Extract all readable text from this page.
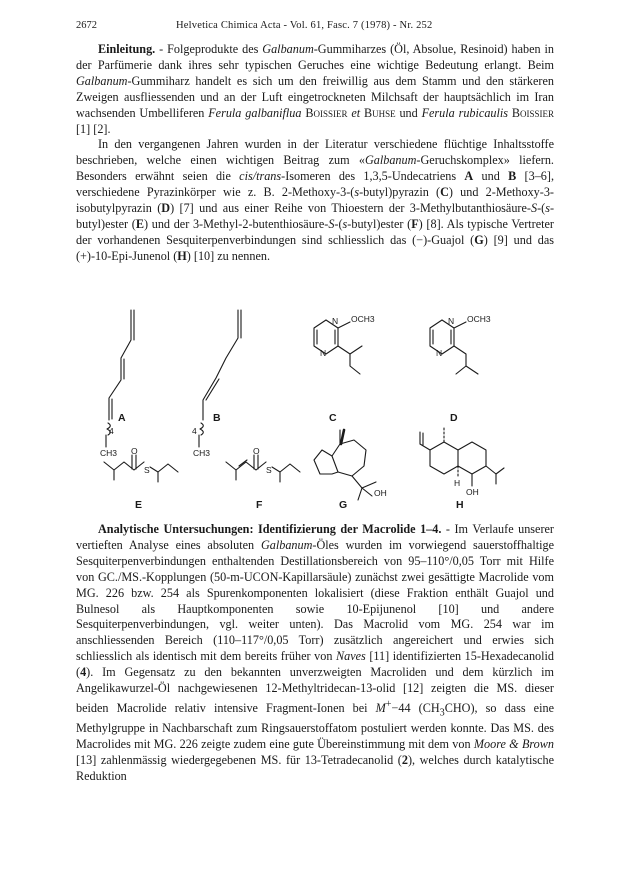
2672	Helvetica Chimica Acta - Vol. 61, Fasc. 7 (1978) - Nr. 252

Einleitung. - Folgeprodukte des Galbanum-Gummiharzes (Öl, Absolue, Resinoid) haben in der Parfümerie dank ihres sehr typischen Geruches eine wichtige Bedeutung erlangt. Beim Galbanum-Gummiharz handelt es sich um den freiwillig aus dem Stamm und den stärkeren Zweigen ausfliessenden und an der Luft eingetrockneten Milchsaft der hauptsächlich im Iran wachsenden Umbelliferen Ferula galbaniflua Boissier et Buhse und Ferula rubicaulis Boissier [1] [2].

In den vergangenen Jahren wurden in der Literatur verschiedene flüchtige Inhaltsstoffe beschrieben, welche einen wichtigen Beitrag zum «Galbanum-Geruchskomplex» liefern. Besonders erwähnt seien die cis/trans-Isomeren des 1,3,5-Undecatriens A und B [3–6], verschiedene Pyrazinkörper wie z. B. 2-Methoxy-3-(s-butyl)pyrazin (C) und 2-Methoxy-3-isobutylpyrazin (D) [7] und aus einer Reihe von Thioestern der 3-Methylbutanthiosäure-S-(s-butyl)ester (E) und der 3-Methyl-2-butenthiosäure-S-(s-butyl)ester (F) [8]. Als typische Vertreter der vorhandenen Sesquiterpenverbindungen sind schliesslich das (−)-Guajol (G) [9] und das (+)-10-Epi-Junenol (H) [10] zu nennen.

4
CH3
4
CH3
N
N
OCH3	N
N
OCH3
O
S
O
S
OH
H
OH
A	B	C	D
E	F	G	H

Analytische Untersuchungen: Identifizierung der Macrolide 1–4. - Im Verlaufe unserer vertieften Analyse eines absoluten Galbanum-Öles wurden im vorwiegend sauerstoffhaltige Sesquiterpenverbindungen enthaltenden Destillationsbereich von 95–110°/0,05 Torr mit Hilfe von GC./MS.-Kopplungen (50-m-UCON-Kapillarsäule) zunächst zwei gesättigte Macrolide vom MG. 226 bzw. 254 als Spurenkomponenten lokalisiert (diese Fraktion enthält Guajol und Bulnesol als Hauptkomponenten sowie 10-Epijunenol [10] und andere Sesquiterpenverbindungen, vgl. weiter unten). Das Macrolid vom MG. 254 war im anschliessenden Bereich (110–117°/0,05 Torr) zusätzlich angereichert und erwies sich schliesslich als identisch mit dem bereits früher von Naves [11] identifizierten 15-Hexadecanolid (4). Im Gegensatz zu den bekannten unverzweigten Macroliden und dem kürzlich im Angelikawurzel-Öl nachgewiesenen 12-Methyltridecan-13-olid [12] zeigten die MS. dieser beiden Macrolide relativ intensive Fragment-Ionen bei M+−44 $(CH_3CHO)$, so dass eine Methylgruppe in Nachbarschaft zum Ringsauerstoffatom postuliert werden konnte. Das MS. des Macrolides mit MG. 226 zeigte zudem eine gute Übereinstimmung mit dem von Moore & Brown [13] zahlenmässig wiedergegebenen MS. für 13-Tetradecanolid (2), welches durch katalytische Reduktion
